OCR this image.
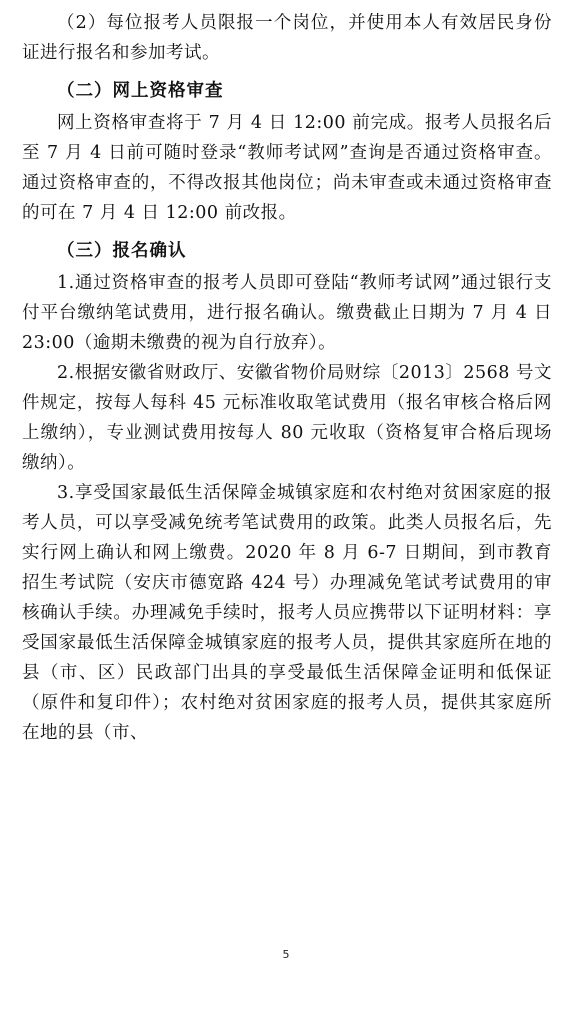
（2）每位报考人员限报一个岗位，并使用本人有效居民身份证进行报名和参加考试。

（二）网上资格审查

网上资格审查将于 7 月 4 日 12:00 前完成。报考人员报名后至 7 月 4 日前可随时登录“教师考试网”查询是否通过资格审查。通过资格审查的，不得改报其他岗位；尚未审查或未通过资格审查的可在 7 月 4 日 12:00 前改报。

（三）报名确认

1.通过资格审查的报考人员即可登陆“教师考试网”通过银行支付平台缴纳笔试费用，进行报名确认。缴费截止日期为 7 月 4 日 23:00（逾期未缴费的视为自行放弃）。

2.根据安徽省财政厅、安徽省物价局财综〔2013〕2568 号文件规定，按每人每科 45 元标准收取笔试费用（报名审核合格后网上缴纳），专业测试费用按每人 80 元收取（资格复审合格后现场缴纳）。

3.享受国家最低生活保障金城镇家庭和农村绝对贫困家庭的报考人员，可以享受减免统考笔试费用的政策。此类人员报名后，先实行网上确认和网上缴费。2020 年 8 月 6-7 日期间，到市教育招生考试院（安庆市德宽路 424 号）办理减免笔试考试费用的审核确认手续。办理减免手续时，报考人员应携带以下证明材料：享受国家最低生活保障金城镇家庭的报考人员，提供其家庭所在地的县（市、区）民政部门出具的享受最低生活保障金证明和低保证（原件和复印件）；农村绝对贫困家庭的报考人员，提供其家庭所在地的县（市、

5
